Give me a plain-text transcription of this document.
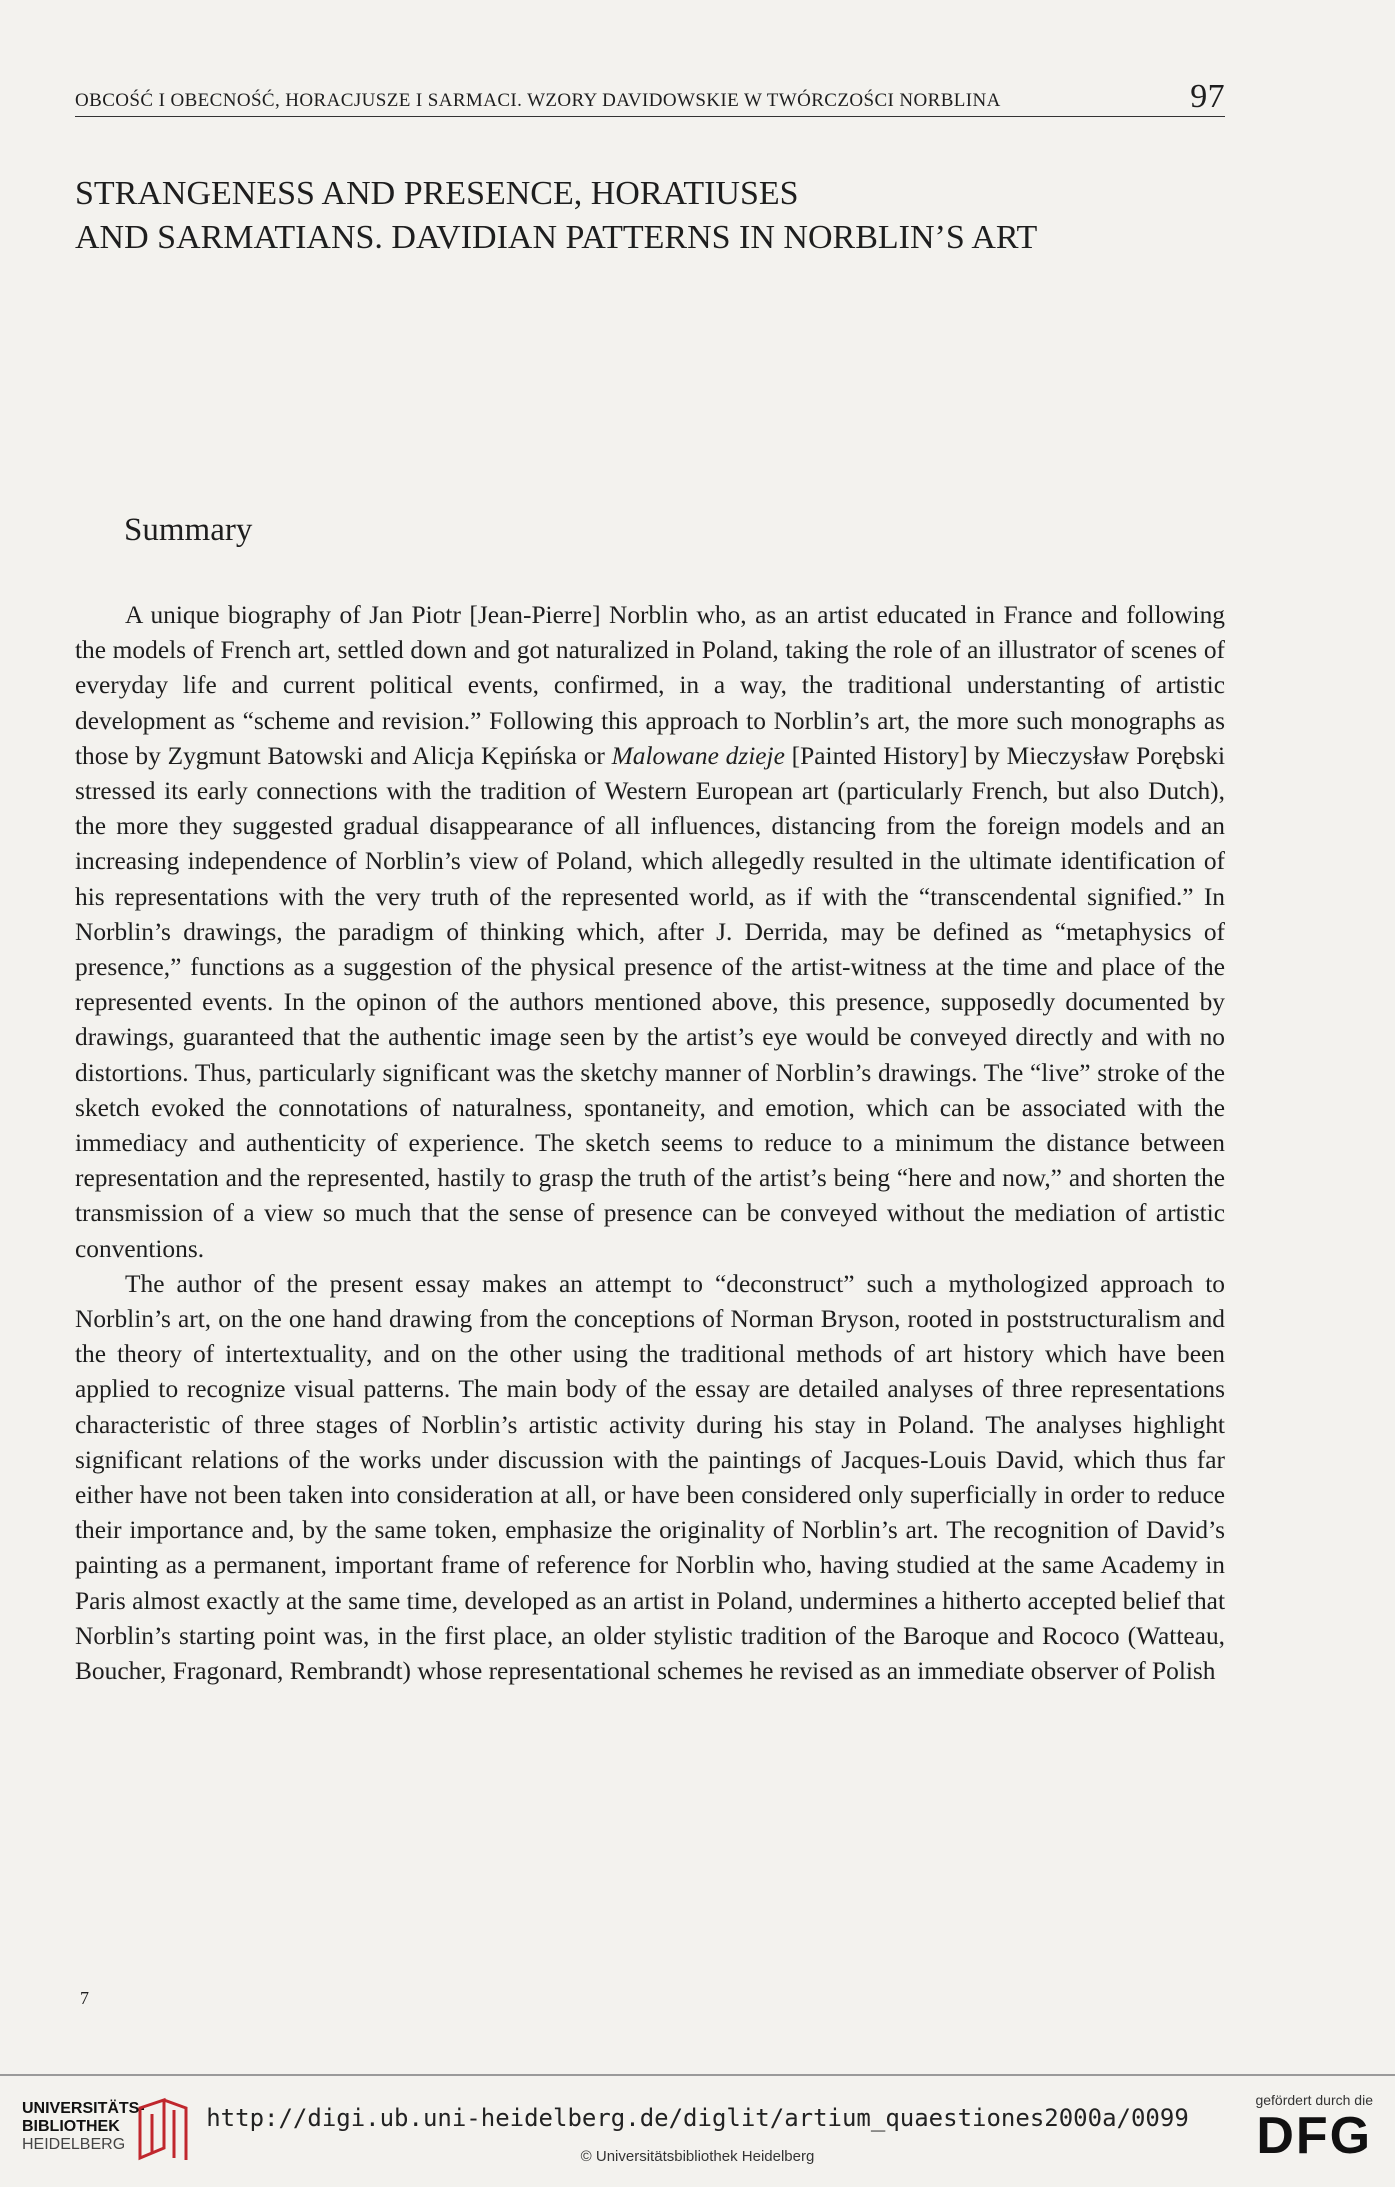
OBCOŚĆ I OBECNOŚĆ, HORACJUSZE I SARMACI. WZORY DAVIDOWSKIE W TWÓRCZOŚCI NORBLINA	97
STRANGENESS AND PRESENCE, HORATIUSES
AND SARMATIANS. DAVIDIAN PATTERNS IN NORBLIN’S ART
Summary

A unique biography of Jan Piotr [Jean-Pierre] Norblin who, as an artist educated in France and following the models of French art, settled down and got naturalized in Poland, taking the role of an illustrator of scenes of everyday life and current political events, confirmed, in a way, the traditional understanting of artistic development as “scheme and revision.” Following this approach to Norblin’s art, the more such monographs as those by Zygmunt Batowski and Alicja Kępińska or Malowane dzieje [Painted History] by Mieczysław Porębski stressed its early connections with the tradition of Western European art (particularly French, but also Dutch), the more they suggested gradual disappearance of all influences, distancing from the foreign models and an increasing independence of Norblin’s view of Poland, which allegedly resulted in the ultimate identification of his representations with the very truth of the represented world, as if with the “transcendental signified.” In Norblin’s drawings, the paradigm of thinking which, after J. Derrida, may be defined as “metaphysics of presence,” functions as a suggestion of the physical presence of the artist-witness at the time and place of the represented events. In the opinon of the authors mentioned above, this presence, supposedly documented by drawings, guaranteed that the authentic image seen by the artist’s eye would be conveyed directly and with no distortions. Thus, particularly significant was the sketchy manner of Norblin’s drawings. The “live” stroke of the sketch evoked the connotations of naturalness, spontaneity, and emotion, which can be associated with the immediacy and authenticity of experience. The sketch seems to reduce to a minimum the distance between representation and the represented, hastily to grasp the truth of the artist’s being “here and now,” and shorten the transmission of a view so much that the sense of presence can be conveyed without the mediation of artistic conventions.

The author of the present essay makes an attempt to “deconstruct” such a mythologized approach to Norblin’s art, on the one hand drawing from the conceptions of Norman Bryson, rooted in poststructuralism and the theory of intertextuality, and on the other using the traditional methods of art history which have been applied to recognize visual patterns. The main body of the essay are detailed analyses of three representations characteristic of three stages of Norblin’s artistic activity during his stay in Poland. The analyses highlight significant relations of the works under discussion with the paintings of Jacques-Louis David, which thus far either have not been taken into consideration at all, or have been considered only superficially in order to reduce their importance and, by the same token, emphasize the originality of Norblin’s art. The recognition of David’s painting as a permanent, important frame of reference for Norblin who, having studied at the same Academy in Paris almost exactly at the same time, developed as an artist in Poland, undermines a hitherto accepted belief that Norblin’s starting point was, in the first place, an older stylistic tradition of the Baroque and Rococo (Watteau, Boucher, Fragonard, Rembrandt) whose representational schemes he revised as an immediate observer of Polish

7
UNIVERSITÄTS-
BIBLIOTHEK
HEIDELBERG
http://digi.ub.uni-heidelberg.de/diglit/artium_quaestiones2000a/0099
© Universitätsbibliothek Heidelberg
gefördert durch die
DFG
